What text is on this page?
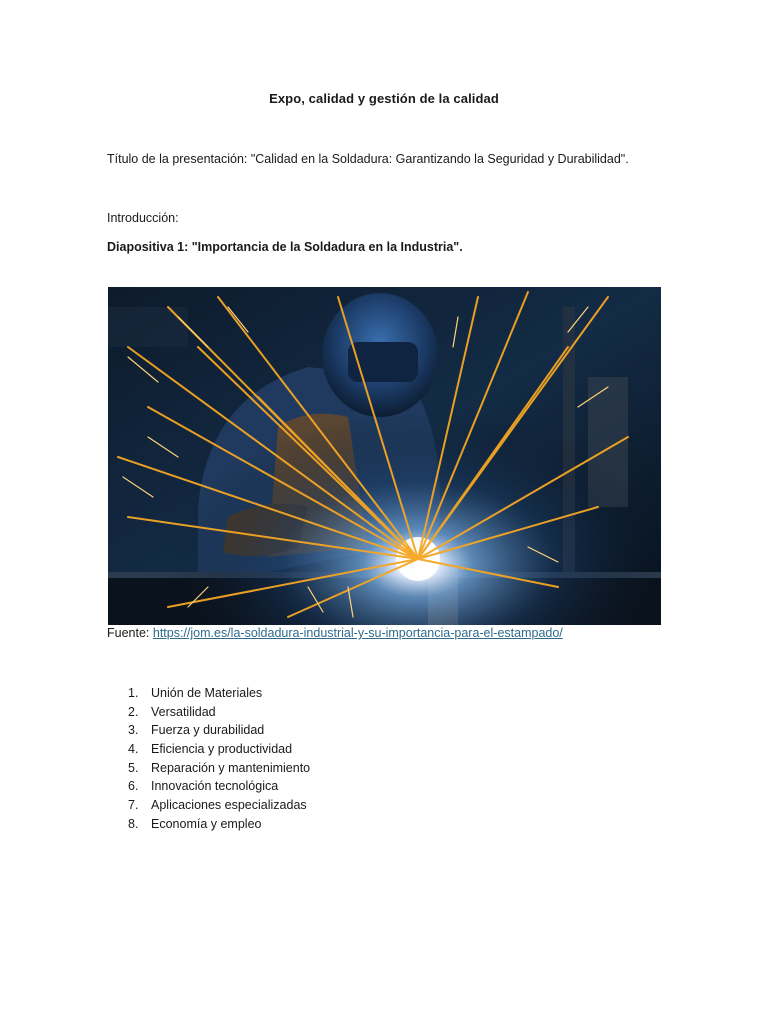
Expo, calidad y gestión de la calidad
Título de la presentación: "Calidad en la Soldadura: Garantizando la Seguridad y Durabilidad".
Introducción:
Diapositiva 1: "Importancia de la Soldadura en la Industria".
Fuente: https://jom.es/la-soldadura-industrial-y-su-importancia-para-el-estampado/
1.	Unión de Materiales
2.	Versatilidad
3.	Fuerza y durabilidad
4.	Eficiencia y productividad
5.	Reparación y mantenimiento
6.	Innovación tecnológica
7.	Aplicaciones especializadas
8.	Economía y empleo
